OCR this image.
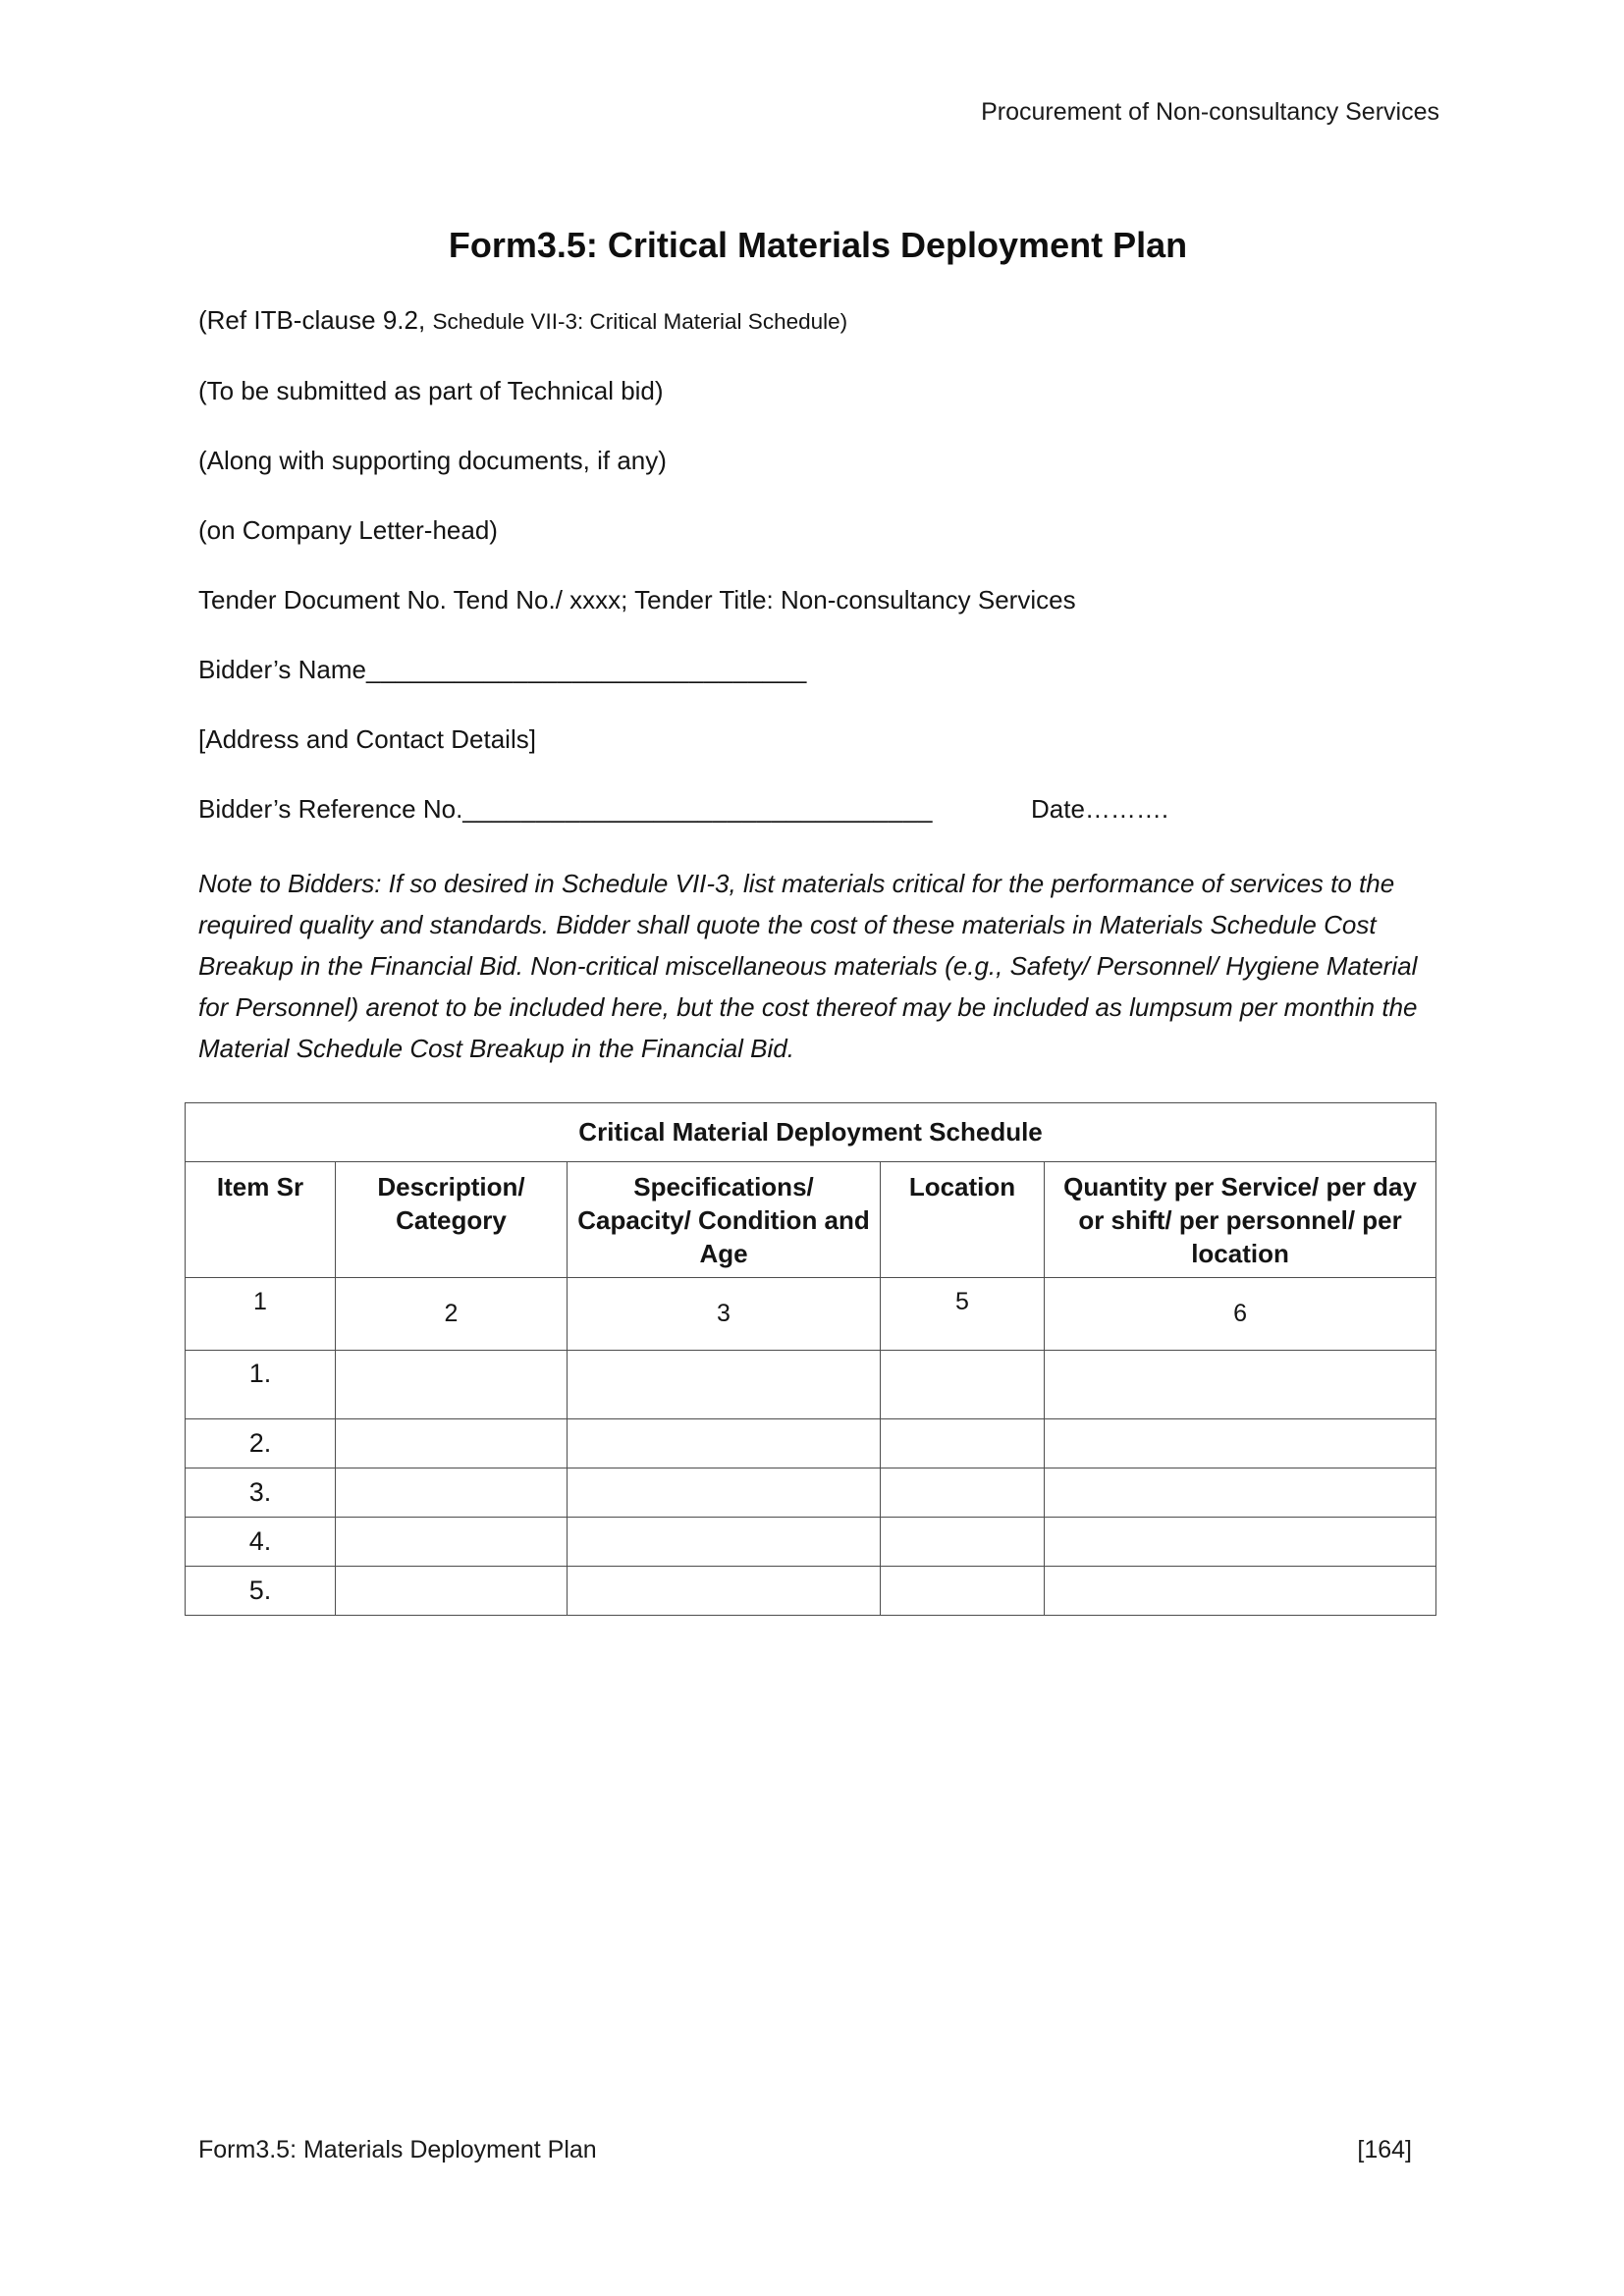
Procurement of Non-consultancy Services
Form3.5: Critical Materials Deployment Plan

(Ref ITB-clause 9.2, Schedule VII-3: Critical Material Schedule)

(To be submitted as part of Technical bid)

(Along with supporting documents, if any)

(on Company Letter-head)

Tender Document No. Tend No./ xxxx; Tender Title: Non-consultancy Services

Bidder’s Name______________________________

[Address and Contact Details]

Bidder’s Reference No.________________________________	Date……….

Note to Bidders: If so desired in Schedule VII-3, list materials critical for the performance of services to the required quality and standards. Bidder shall quote the cost of these materials in Materials Schedule Cost Breakup in the Financial Bid. Non-critical miscellaneous materials (e.g., Safety/ Personnel/ Hygiene Material for Personnel) arenot to be included here, but the cost thereof may be included as lumpsum per monthin the Material Schedule Cost Breakup in the Financial Bid.

Critical Material Deployment Schedule				
Item Sr	Description/ Category	Specifications/ Capacity/ Condition and Age	Location	Quantity per Service/ per day or shift/ per personnel/ per location
1	2	3	5	6
1.				
2.				
3.				
4.				
5.				
Form3.5: Materials Deployment Plan	[164]
